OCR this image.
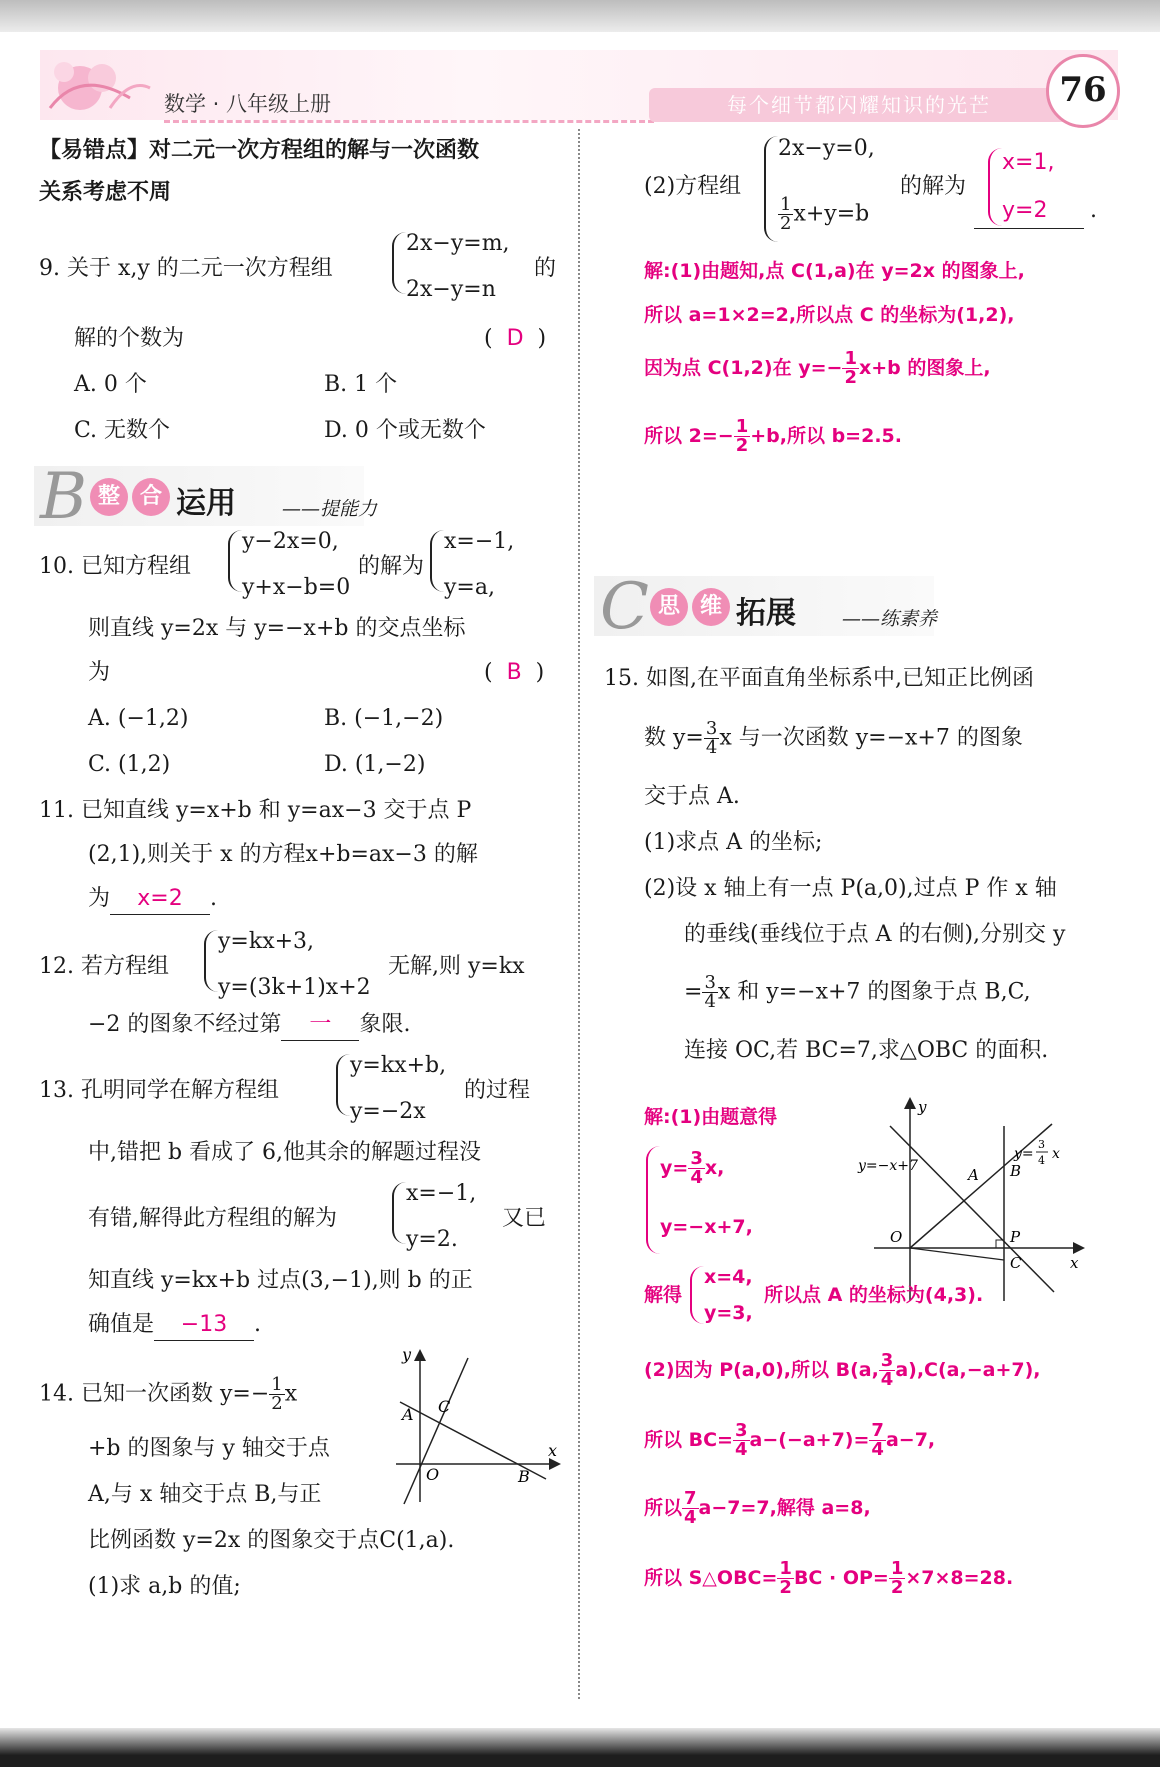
数学 · 八年级上册	每个细节都闪耀知识的光芒	76
【易错点】对二元一次方程组的解与一次函数
关系考虑不周
9. 关于 x,y 的二元一次方程组
2x−y=m,
2x−y=n
的
解的个数为	(  D  )
A. 0 个	B. 1 个
C. 无数个	D. 0 个或无数个
B 整 合 运用 ——提能力
10. 已知方程组
y−2x=0,
y+x−b=0
的解为
x=−1,
y=a,
则直线 y=2x 与 y=−x+b 的交点坐标
为	(  B  )
A. (−1,2)	B. (−1,−2)
C. (1,2)	D. (1,−2)
11. 已知直线 y=x+b 和 y=ax−3 交于点 P
(2,1),则关于 x 的方程x+b=ax−3 的解
为 x=2 .
12. 若方程组
y=kx+3,
y=(3k+1)x+2
无解,则 y=kx
−2 的图象不经过第 一 象限.
13. 孔明同学在解方程组
y=kx+b,
y=−2x
的过程
中,错把 b 看成了 6,他其余的解题过程没
有错,解得此方程组的解为
x=−1,
y=2.
又已
知直线 y=kx+b 过点(3,−1),则 b 的正
确值是 −13 .
14. 已知一次函数 $y=- \frac{1}{2}$ x
+b 的图象与 y 轴交于点
A,与 x 轴交于点 B,与正
比例函数 y=2x 的图象交于点C(1,a).
(1)求 a,b 的值;
y
x
A C
O	B
(2)方程组
2x−y=0,
$\frac{1}{2} x+y=b$
的解为
x=1,
y=2 .
解:(1)由题知,点 C(1,a)在 y=2x 的图象上,
所以 a=1×2=2,所以点 C 的坐标为(1,2),
因为点 C(1,2)在 $y=- \frac{1}{2} x+b$ 的图象上,
所以 $2=- \frac{1}{2} +b$,所以 b=2.5.
C 思 维 拓展 ——练素养
15. 如图,在平面直角坐标系中,已知正比例函
数 $y= \frac{3}{4}$ x 与一次函数 y=−x+7 的图象
交于点 A.
(1)求点 A 的坐标;
(2)设 x 轴上有一点 P(a,0),过点 P 作 x 轴
的垂线(垂线位于点 A 的右侧),分别交 y
= $\frac{3}{4}$ x 和 y=−x+7 的图象于点 B,C,
连接 OC,若 BC=7,求△OBC 的面积.
y
x
O
A B
C
P
y=−x+7
y=
3
4 x
解:(1)由题意得
$y= \frac{3}{4} x$,
y=−x+7,
解得
x=4,
y=3,
所以点 A 的坐标为(4,3).
(2)因为 P(a,0),所以 B(a, $\frac{3}{4} a),C(a,-a+7)$,
所以 $BC= \frac{3}{4} a-(-a+7)= \frac{7}{4} a-7$,
所以 $\frac{7}{4} a-7=7$,解得 a=8,
所以 S△OBC= $\frac{1}{2}$ BC · $OP= \frac{1}{2} \times 7\times 8=28$.
